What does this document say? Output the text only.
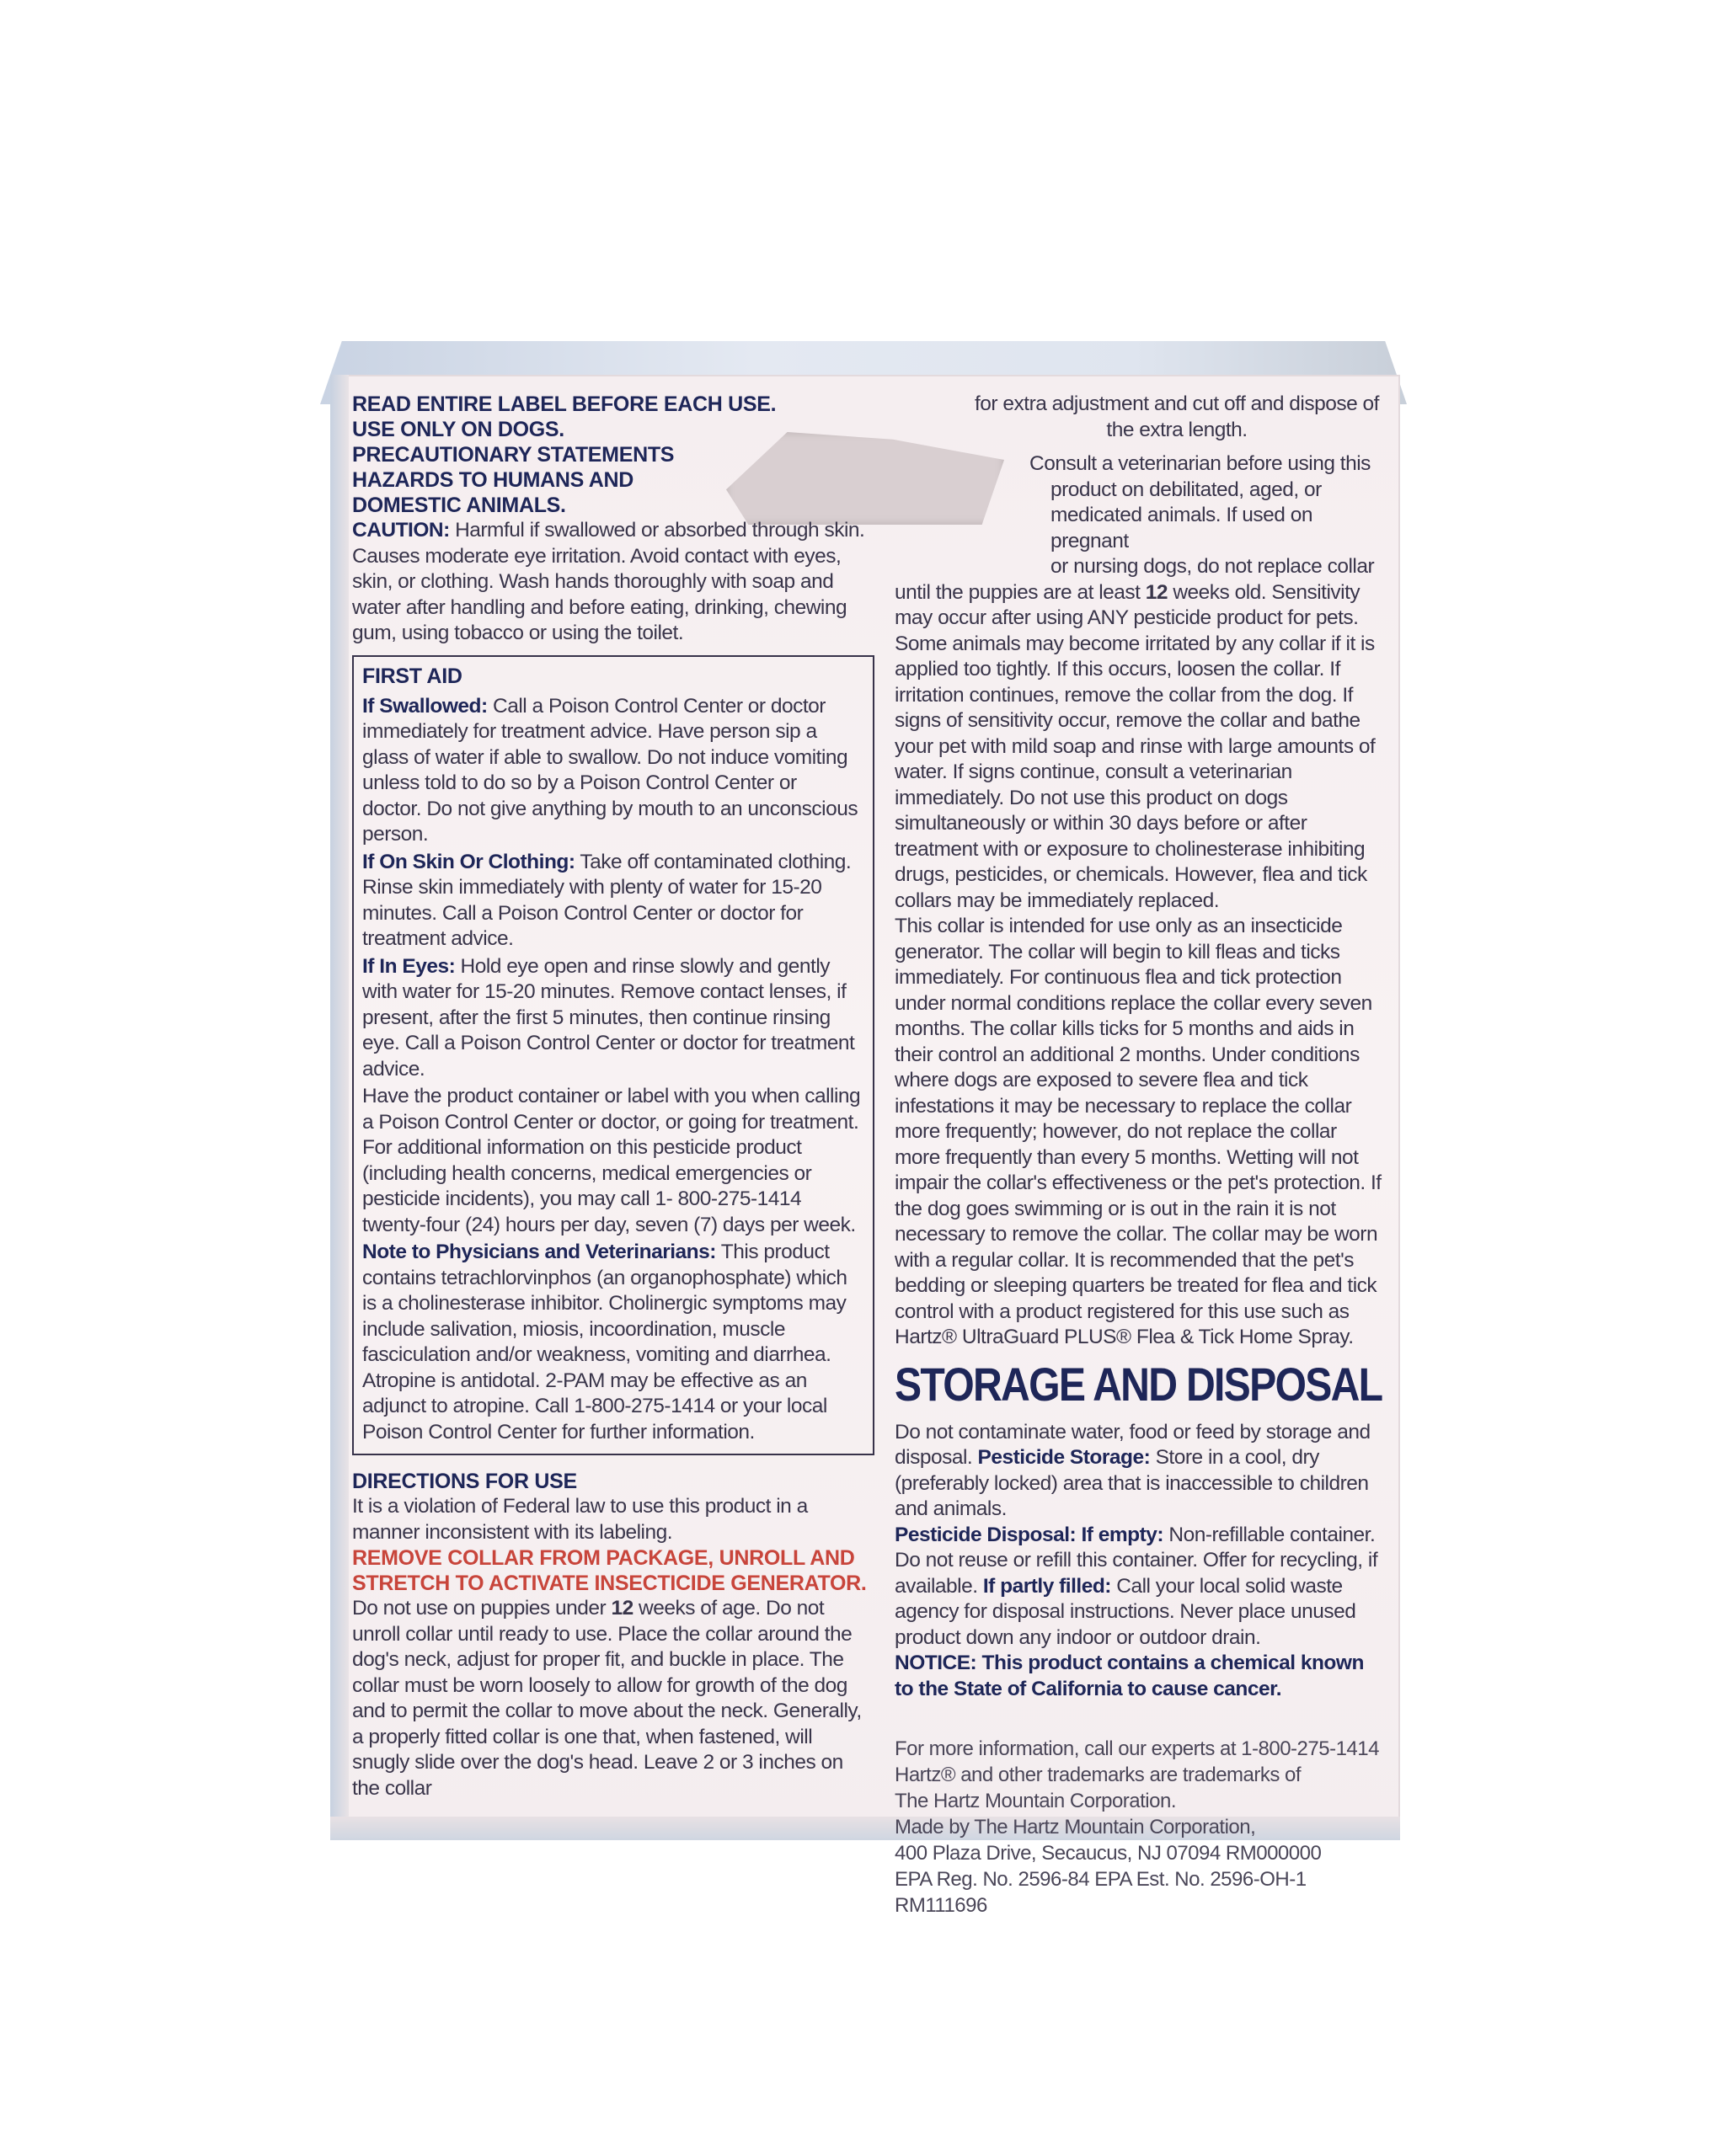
READ ENTIRE LABEL BEFORE EACH USE.
USE ONLY ON DOGS.
PRECAUTIONARY STATEMENTS
HAZARDS TO HUMANS AND
DOMESTIC ANIMALS.

CAUTION: Harmful if swallowed or absorbed through skin. Causes moderate eye irritation. Avoid contact with eyes, skin, or clothing. Wash hands thoroughly with soap and water after handling and before eating, drinking, chewing gum, using tobacco or using the toilet.

FIRST AID

If Swallowed: Call a Poison Control Center or doctor immediately for treatment advice. Have person sip a glass of water if able to swallow. Do not induce vomiting unless told to do so by a Poison Control Center or doctor. Do not give anything by mouth to an unconscious person.

If On Skin Or Clothing: Take off contaminated clothing. Rinse skin immediately with plenty of water for 15-20 minutes. Call a Poison Control Center or doctor for treatment advice.

If In Eyes: Hold eye open and rinse slowly and gently with water for 15-20 minutes. Remove contact lenses, if present, after the first 5 minutes, then continue rinsing eye. Call a Poison Control Center or doctor for treatment advice.

Have the product container or label with you when calling a Poison Control Center or doctor, or going for treatment. For additional information on this pesticide product (including health concerns, medical emergencies or pesticide incidents), you may call 1- 800-275-1414 twenty-four (24) hours per day, seven (7) days per week.

Note to Physicians and Veterinarians: This product contains tetrachlorvinphos (an organophosphate) which is a cholinesterase inhibitor. Cholinergic symptoms may include salivation, miosis, incoordination, muscle fasciculation and/or weakness, vomiting and diarrhea. Atropine is antidotal. 2-PAM may be effective as an adjunct to atropine. Call 1-800-275-1414 or your local Poison Control Center for further information.

DIRECTIONS FOR USE

It is a violation of Federal law to use this product in a manner inconsistent with its labeling.

REMOVE COLLAR FROM PACKAGE, UNROLL AND STRETCH TO ACTIVATE INSECTICIDE GENERATOR.

Do not use on puppies under 12 weeks of age. Do not unroll collar until ready to use. Place the collar around the dog's neck, adjust for proper fit, and buckle in place. The collar must be worn loosely to allow for growth of the dog and to permit the collar to move about the neck. Generally, a properly fitted collar is one that, when fastened, will snugly slide over the dog's head. Leave 2 or 3 inches on the collar

for extra adjustment and cut off and dispose of the extra length.

Consult a veterinarian before using this
product on debilitated, aged, or
medicated animals. If used on pregnant
or nursing dogs, do not replace collar

until the puppies are at least 12 weeks old. Sensitivity may occur after using ANY pesticide product for pets. Some animals may become irritated by any collar if it is applied too tightly. If this occurs, loosen the collar. If irritation continues, remove the collar from the dog. If signs of sensitivity occur, remove the collar and bathe your pet with mild soap and rinse with large amounts of water. If signs continue, consult a veterinarian immediately. Do not use this product on dogs simultaneously or within 30 days before or after treatment with or exposure to cholinesterase inhibiting drugs, pesticides, or chemicals. However, flea and tick collars may be immediately replaced.

This collar is intended for use only as an insecticide generator. The collar will begin to kill fleas and ticks immediately. For continuous flea and tick protection under normal conditions replace the collar every seven months. The collar kills ticks for 5 months and aids in their control an additional 2 months. Under conditions where dogs are exposed to severe flea and tick infestations it may be necessary to replace the collar more frequently; however, do not replace the collar more frequently than every 5 months. Wetting will not impair the collar's effectiveness or the pet's protection. If the dog goes swimming or is out in the rain it is not necessary to remove the collar. The collar may be worn with a regular collar. It is recommended that the pet's bedding or sleeping quarters be treated for flea and tick control with a product registered for this use such as Hartz® UltraGuard PLUS® Flea & Tick Home Spray.

STORAGE AND DISPOSAL

Do not contaminate water, food or feed by storage and disposal. Pesticide Storage: Store in a cool, dry (preferably locked) area that is inaccessible to children and animals.

Pesticide Disposal: If empty: Non-refillable container. Do not reuse or refill this container. Offer for recycling, if available. If partly filled: Call your local solid waste agency for disposal instructions. Never place unused product down any indoor or outdoor drain.

NOTICE: This product contains a chemical known to the State of California to cause cancer.

For more information, call our experts at 1-800-275-1414
Hartz® and other trademarks are trademarks of
The Hartz Mountain Corporation.
Made by The Hartz Mountain Corporation,
400 Plaza Drive, Secaucus, NJ 07094 RM000000
EPA Reg. No. 2596-84 EPA Est. No. 2596-OH-1
RM111696
